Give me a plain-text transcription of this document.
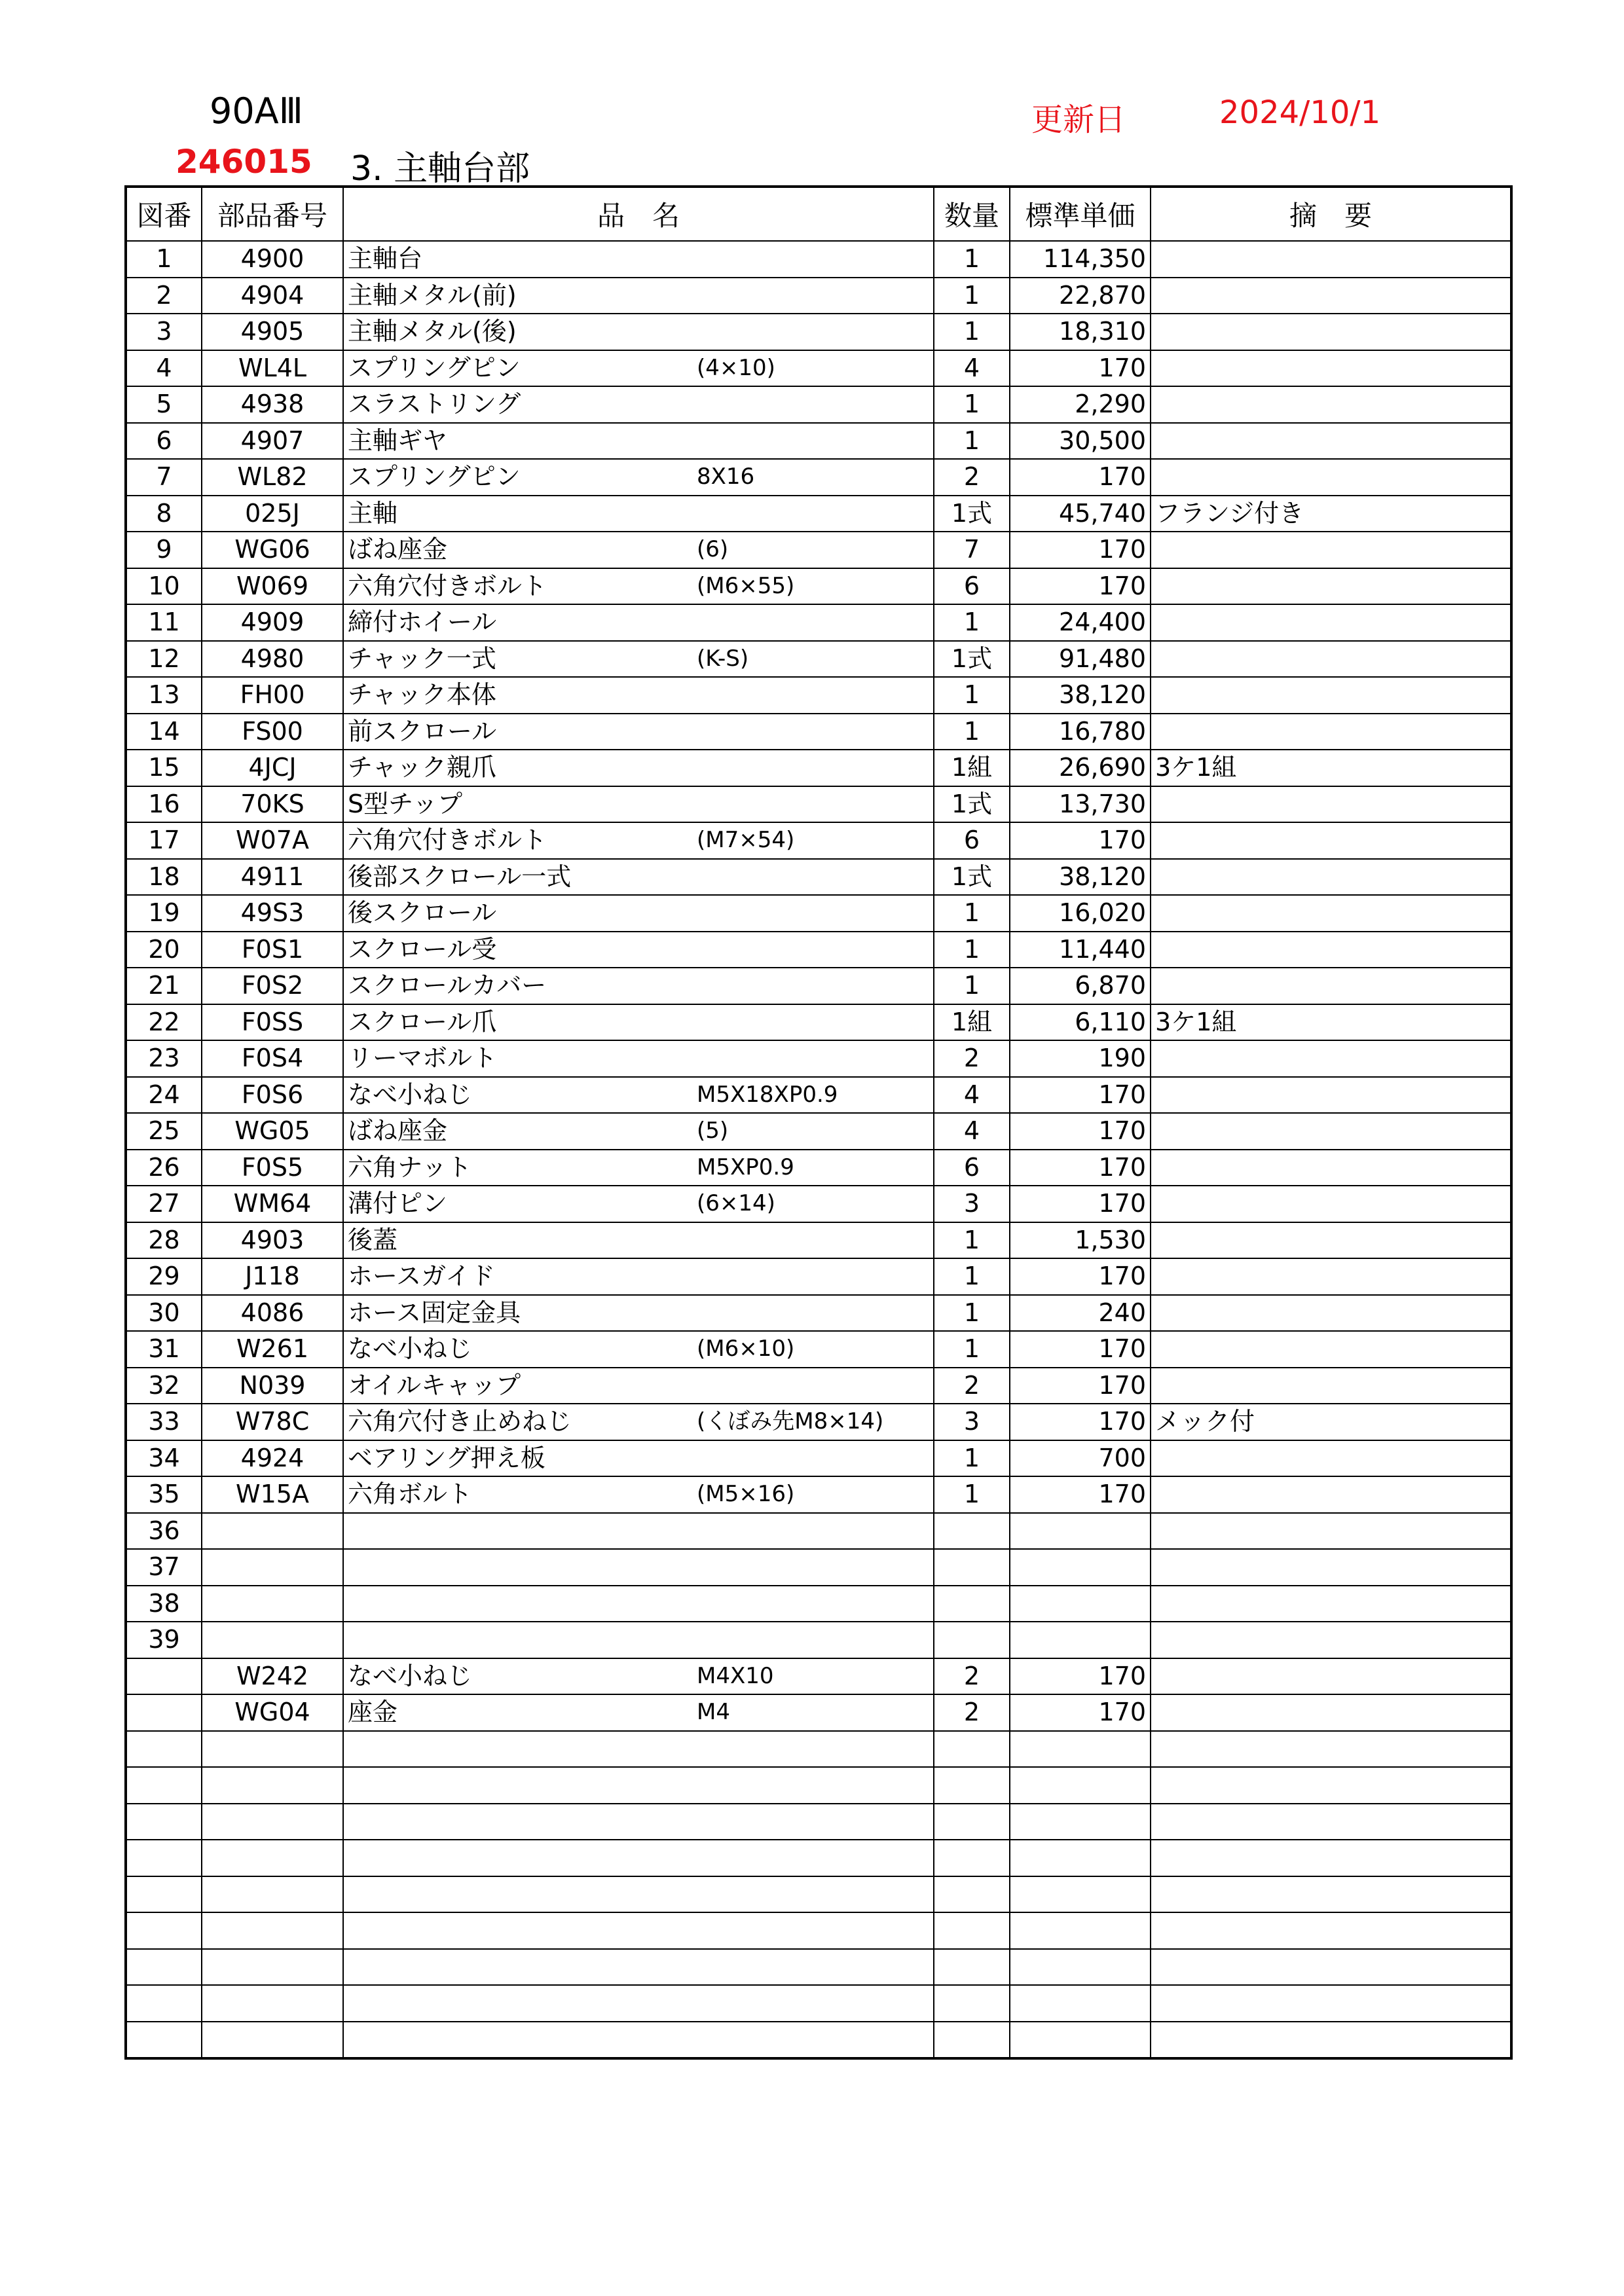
90AⅢ	更新日	2024/10/1
246015 3. 主軸台部
図番	部品番号	品　名		数量	標準単価	摘　要
1	4900	主軸台		1	114,350	
2	4904	主軸メタル(前)		1	22,870	
3	4905	主軸メタル(後)		1	18,310	
4	WL4L	スプリングピン	(4×10)	4	170	
5	4938	スラストリング		1	2,290	
6	4907	主軸ギヤ		1	30,500	
7	WL82	スプリングピン	8X16	2	170	
8	025J	主軸		1式	45,740	フランジ付き
9	WG06	ばね座金	(6)	7	170	
10	W069	六角穴付きボルト	(M6×55)	6	170	
11	4909	締付ホイール		1	24,400	
12	4980	チャック一式	(K-S)	1式	91,480	
13	FH00	チャック本体		1	38,120	
14	FS00	前スクロール		1	16,780	
15	4JCJ	チャック親爪		1組	26,690	3ケ1組
16	70KS	S型チップ		1式	13,730	
17	W07A	六角穴付きボルト	(M7×54)	6	170	
18	4911	後部スクロール一式		1式	38,120	
19	49S3	後スクロール		1	16,020	
20	F0S1	スクロール受		1	11,440	
21	F0S2	スクロールカバー		1	6,870	
22	F0SS	スクロール爪		1組	6,110	3ケ1組
23	F0S4	リーマボルト		2	190	
24	F0S6	なべ小ねじ	M5X18XP0.9	4	170	
25	WG05	ばね座金	(5)	4	170	
26	F0S5	六角ナット	M5XP0.9	6	170	
27	WM64	溝付ピン	(6×14)	3	170	
28	4903	後蓋		1	1,530	
29	J118	ホースガイド		1	170	
30	4086	ホース固定金具		1	240	
31	W261	なべ小ねじ	(M6×10)	1	170	
32	N039	オイルキャップ		2	170	
33	W78C	六角穴付き止めねじ	(くぼみ先M8×14)	3	170	メック付
34	4924	ベアリング押え板		1	700	
35	W15A	六角ボルト	(M5×16)	1	170	
36						
37						
38						
39						
	W242	なべ小ねじ	M4X10	2	170	
	WG04	座金	M4	2	170	
